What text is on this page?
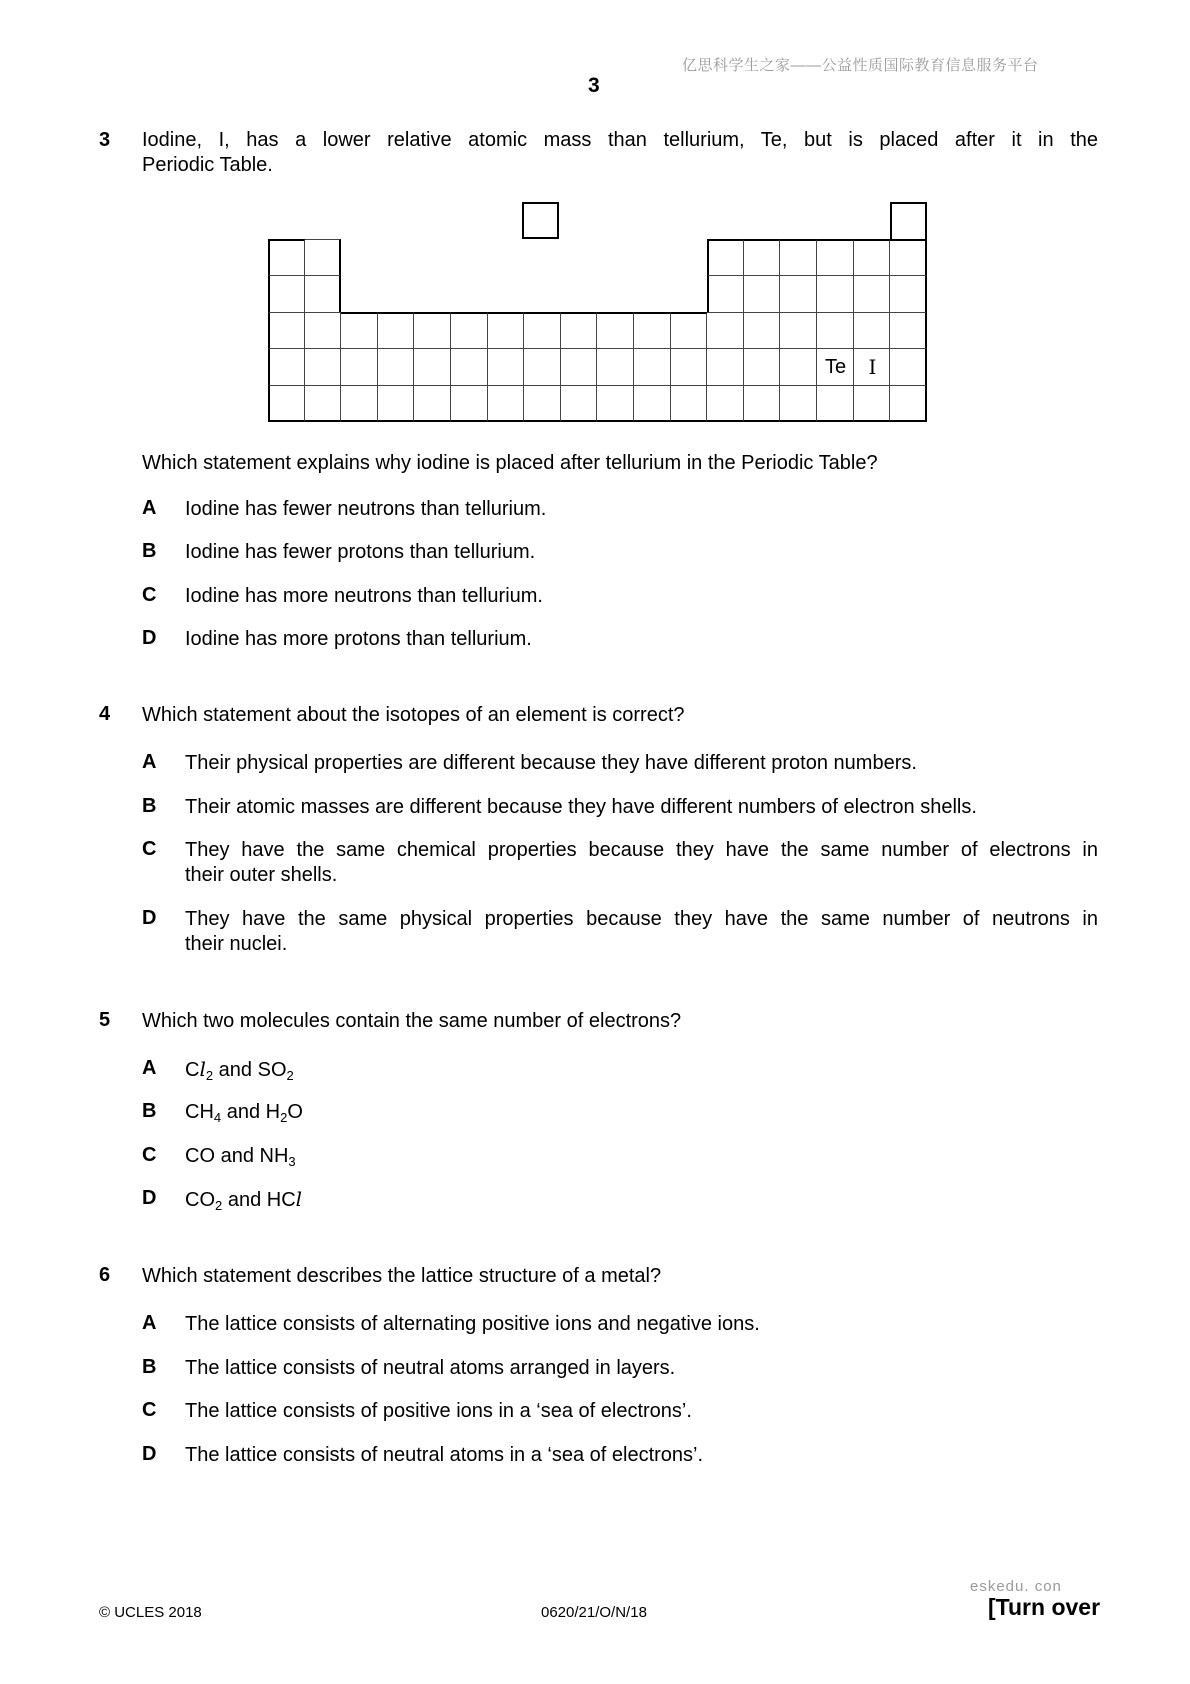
亿思科学生之家——公益性质国际教育信息服务平台
3
3 Iodine, I, has a lower relative atomic mass than tellurium, Te, but is placed after it in the
Periodic Table.
Te	I
Which statement explains why iodine is placed after tellurium in the Periodic Table?
A Iodine has fewer neutrons than tellurium.
B Iodine has fewer protons than tellurium.
C Iodine has more neutrons than tellurium.
D Iodine has more protons than tellurium.
4 Which statement about the isotopes of an element is correct?
A Their physical properties are different because they have different proton numbers.
B Their atomic masses are different because they have different numbers of electron shells.
C They have the same chemical properties because they have the same number of electrons in
their outer shells.
D They have the same physical properties because they have the same number of neutrons in
their nuclei.
5 Which two molecules contain the same number of electrons?
A $Cl_2$ and $SO_2$
B $CH_4$ and $H_2O$
C CO and $NH_3$
D $CO_2$ and HCl
6 Which statement describes the lattice structure of a metal?
A The lattice consists of alternating positive ions and negative ions.
B The lattice consists of neutral atoms arranged in layers.
C The lattice consists of positive ions in a ‘sea of electrons’.
D The lattice consists of neutral atoms in a ‘sea of electrons’.
eskedu. con
© UCLES 2018	0620/21/O/N/18	[Turn over
